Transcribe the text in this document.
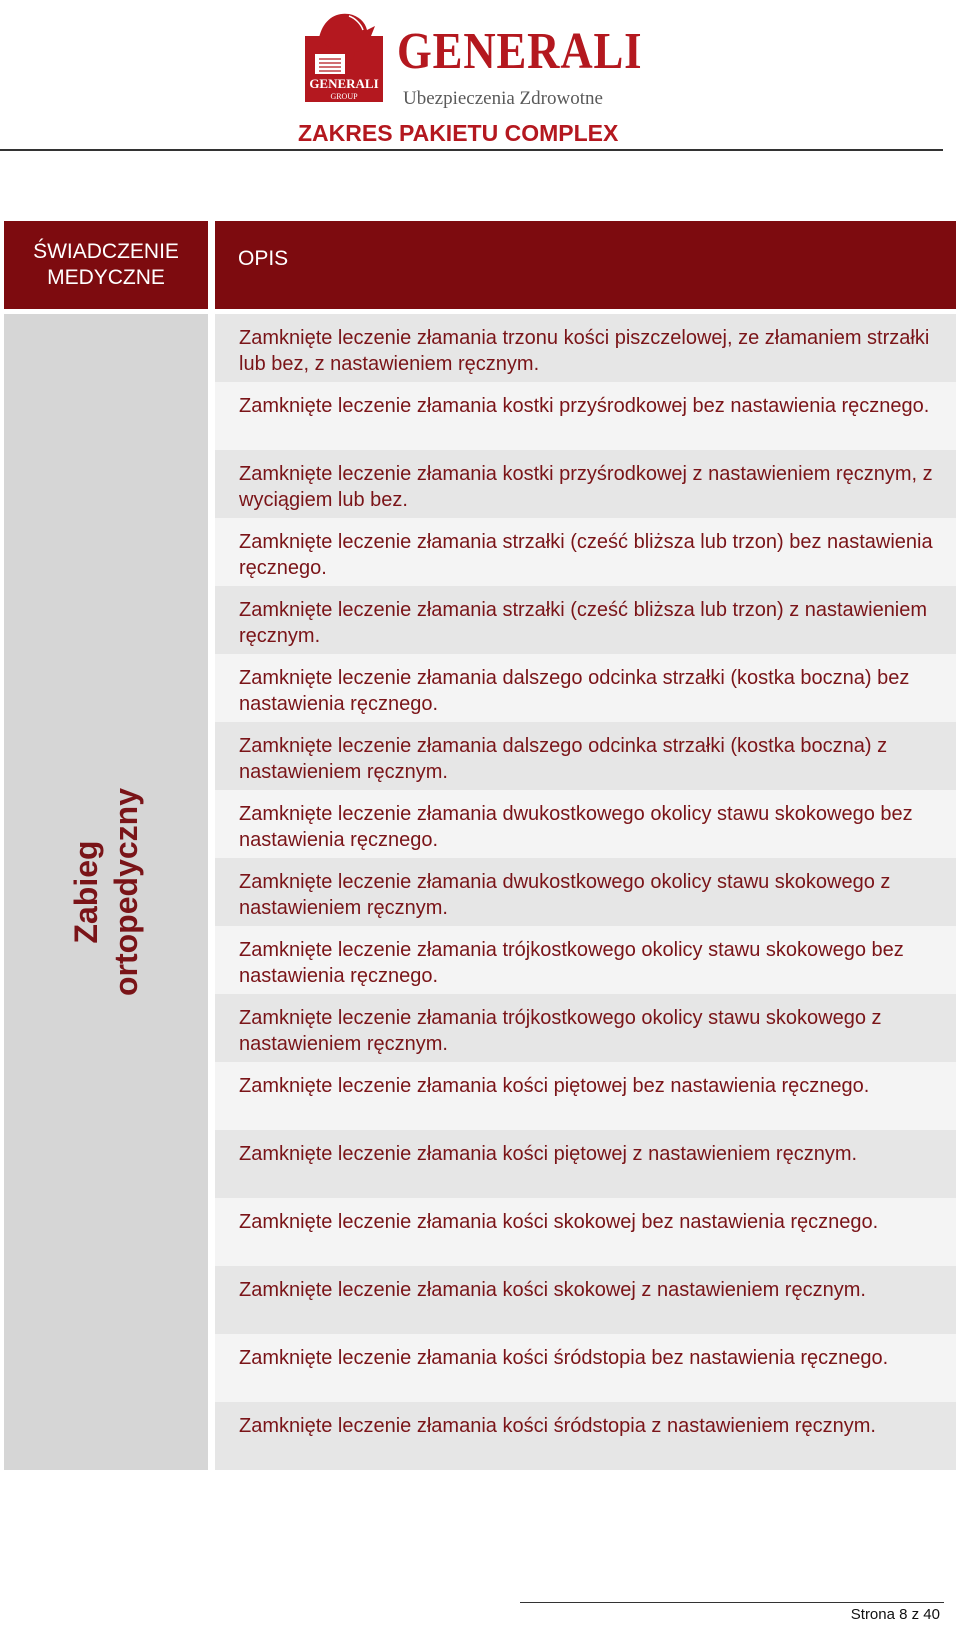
GENERALI
GROUP
GENERALI
Ubezpieczenia Zdrowotne
ZAKRES PAKIETU COMPLEX
ŚWIADCZENIE MEDYCZNE
OPIS
Zabieg ortopedyczny
Zamknięte leczenie złamania trzonu kości piszczelowej, ze złamaniem strzałki lub bez, z nastawieniem ręcznym.
Zamknięte leczenie złamania kostki przyśrodkowej bez nastawienia ręcznego.
Zamknięte leczenie złamania kostki przyśrodkowej z nastawieniem ręcznym, z wyciągiem lub bez.
Zamknięte leczenie złamania strzałki (cześć bliższa lub trzon) bez nastawienia ręcznego.
Zamknięte leczenie złamania strzałki (cześć bliższa lub trzon) z nastawieniem ręcznym.
Zamknięte leczenie złamania dalszego odcinka strzałki (kostka boczna) bez nastawienia ręcznego.
Zamknięte leczenie złamania dalszego odcinka strzałki (kostka boczna) z nastawieniem ręcznym.
Zamknięte leczenie złamania dwukostkowego okolicy stawu skokowego bez nastawienia ręcznego.
Zamknięte leczenie złamania dwukostkowego okolicy stawu skokowego z nastawieniem ręcznym.
Zamknięte leczenie złamania trójkostkowego okolicy stawu skokowego bez nastawienia ręcznego.
Zamknięte leczenie złamania trójkostkowego okolicy stawu skokowego z nastawieniem ręcznym.
Zamknięte leczenie złamania kości piętowej bez nastawienia ręcznego.
Zamknięte leczenie złamania kości piętowej z nastawieniem ręcznym.
Zamknięte leczenie złamania kości skokowej bez nastawienia ręcznego.
Zamknięte leczenie złamania kości skokowej z nastawieniem ręcznym.
Zamknięte leczenie złamania kości śródstopia bez nastawienia ręcznego.
Zamknięte leczenie złamania kości śródstopia z nastawieniem ręcznym.
Strona 8 z 40
